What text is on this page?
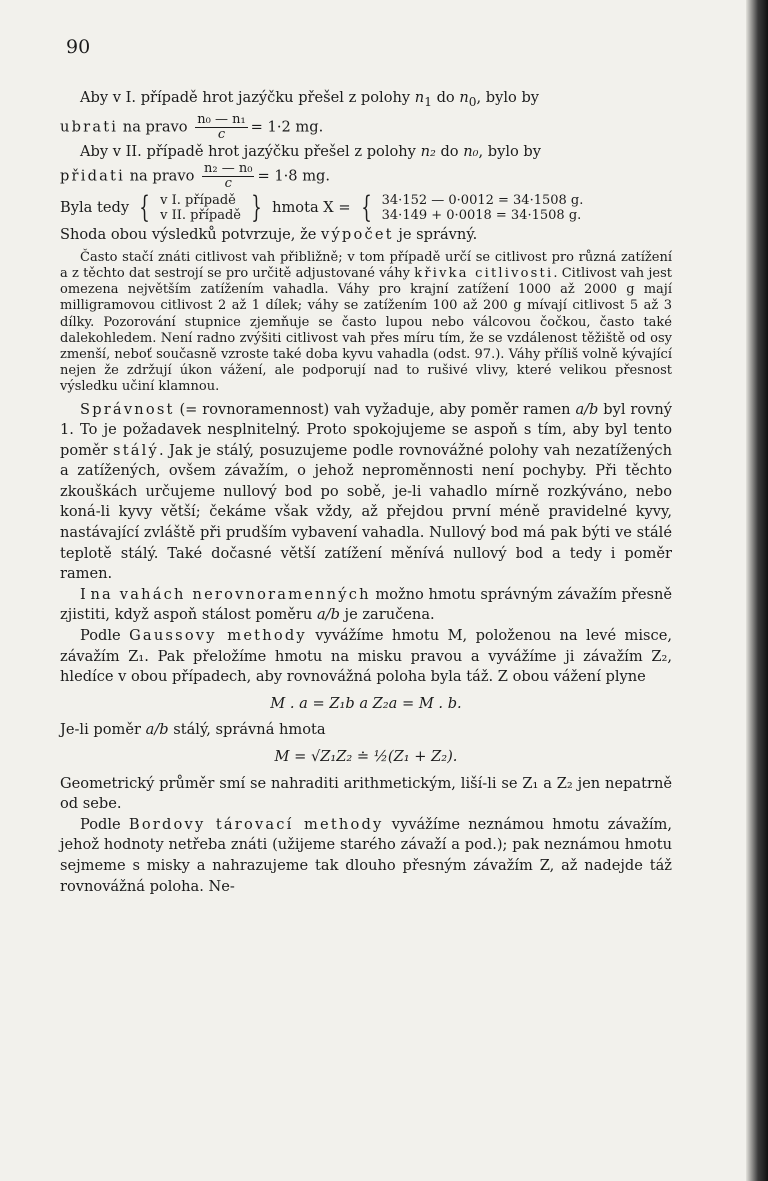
90

Aby v I. případě hrot jazýčku přešel z polohy $n_1$ do $n_0$, bylo by

ubrati na pravo $\frac{\text{n₀ — n₁}}{c} = 1\cdot 2$ mg.

Aby v II. případě hrot jazýčku přešel z polohy n₂ do n₀, bylo by

přidati na pravo $\frac{\text{n₂ — n₀}}{c} = 1\cdot 8$ mg.

Byla tedy { v I. případě
v II. případě } hmota X = { 34·152 — 0·0012 = 34·1508 g.
34·149 + 0·0018 = 34·1508 g.

Shoda obou výsledků potvrzuje, že výpočet je správný.

Často stačí znáti citlivost vah přibližně; v tom případě určí se citlivost pro různá zatížení a z těchto dat sestrojí se pro určitě adjustované váhy křivka citlivosti. Citlivost vah jest omezena největším zatížením vahadla. Váhy pro krajní zatížení 1000 až 2000 g mají milligramovou citlivost 2 až 1 dílek; váhy se zatížením 100 až 200 g mívají citlivost 5 až 3 dílky. Pozorování stupnice zjemňuje se často lupou nebo válcovou čočkou, často také dalekohledem. Není radno zvýšiti citlivost vah přes míru tím, že se vzdálenost těžiště od osy zmenší, neboť současně vzroste také doba kyvu vahadla (odst. 97.). Váhy příliš volně kývající nejen že zdržují úkon vážení, ale podporují nad to rušivé vlivy, které velikou přesnost výsledku učiní klamnou.

Správnost (= rovnoramennost) vah vyžaduje, aby poměr ramen a/b byl rovný 1. To je požadavek nesplnitelný. Proto spokojujeme se aspoň s tím, aby byl tento poměr stálý. Jak je stálý, posuzujeme podle rovnovážné polohy vah nezatížených a zatížených, ovšem závažím, o jehož neproměnnosti není pochyby. Při těchto zkouškách určujeme nullový bod po sobě, je-li vahadlo mírně rozkýváno, nebo koná-li kyvy větší; čekáme však vždy, až přejdou první méně pravidelné kyvy, nastávající zvláště při prudším vybavení vahadla. Nullový bod má pak býti ve stálé teplotě stálý. Také dočasné větší zatížení měnívá nullový bod a tedy i poměr ramen.

I na vahách nerovnoramenných možno hmotu správným závažím přesně zjistiti, když aspoň stálost poměru a/b je zaručena.

Podle Gaussovy methody vyvážíme hmotu M, položenou na levé misce, závažím Z₁. Pak přeložíme hmotu na misku pravou a vyvážíme ji závažím Z₂, hledíce v obou případech, aby rovnovážná poloha byla táž. Z obou vážení plyne

M . a = Z₁b a Z₂a = M . b.

Je-li poměr a/b stálý, správná hmota

M = √Z₁Z₂ ≐ ½(Z₁ + Z₂).

Geometrický průměr smí se nahraditi arithmetickým, liší-li se Z₁ a Z₂ jen nepatrně od sebe.

Podle Bordovy tárovací methody vyvážíme neznámou hmotu závažím, jehož hodnoty netřeba znáti (užijeme starého závaží a pod.); pak neznámou hmotu sejmeme s misky a nahrazujeme tak dlouho přesným závažím Z, až nadejde táž rovnovážná poloha. Ne-
